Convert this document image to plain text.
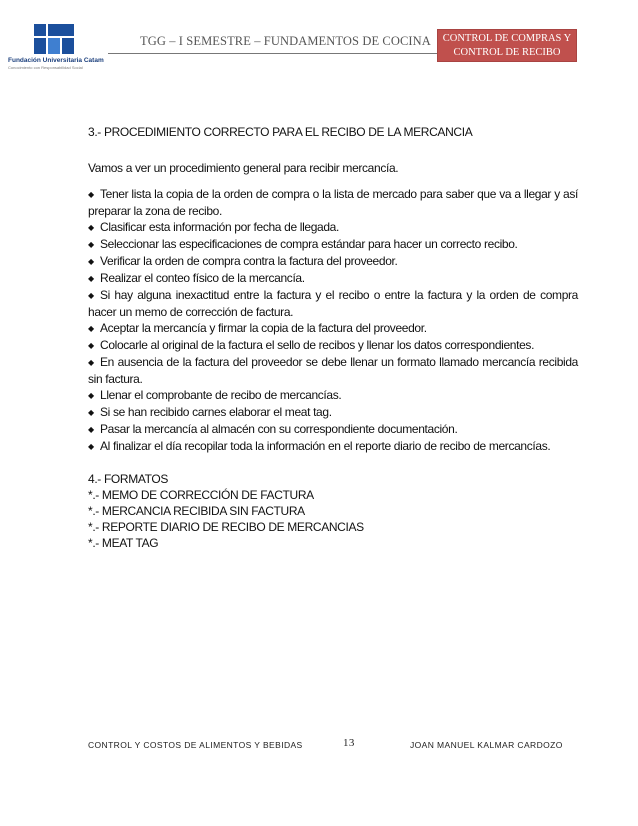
Fundación Universitaria Catam
Conocimiento con Responsabilidad Social
TGG – I SEMESTRE – FUNDAMENTOS DE COCINA	CONTROL DE COMPRAS Y
CONTROL DE RECIBO
3.- PROCEDIMIENTO CORRECTO PARA EL RECIBO DE LA MERCANCIA

Vamos a ver un procedimiento general para recibir mercancía.

◆ Tener lista la copia de la orden de compra o la lista de mercado para saber que va a llegar y así preparar la zona de recibo.

◆ Clasificar esta información por fecha de llegada.

◆ Seleccionar las especificaciones de compra estándar para hacer un correcto recibo.

◆ Verificar la orden de compra contra la factura del proveedor.

◆ Realizar el conteo físico de la mercancía.

◆ Si hay alguna inexactitud entre la factura y el recibo o entre la factura y la orden de compra hacer un memo de corrección de factura.

◆ Aceptar la mercancía y firmar la copia de la factura del proveedor.

◆ Colocarle al original de la factura el sello de recibos y llenar los datos correspondientes.

◆ En ausencia de la factura del proveedor se debe llenar un formato llamado mercancía recibida sin factura.

◆ Llenar el comprobante de recibo de mercancías.

◆ Si se han recibido carnes elaborar el meat tag.

◆ Pasar la mercancía al almacén con su correspondiente documentación.

◆ Al finalizar el día recopilar toda la información en el reporte diario de recibo de mercancías.

4.- FORMATOS
*.- MEMO DE CORRECCIÓN DE FACTURA
*.- MERCANCIA RECIBIDA SIN FACTURA
*.- REPORTE DIARIO DE RECIBO DE MERCANCIAS
*.- MEAT TAG
CONTROL Y COSTOS DE ALIMENTOS Y BEBIDAS	13	JOAN MANUEL KALMAR CARDOZO
